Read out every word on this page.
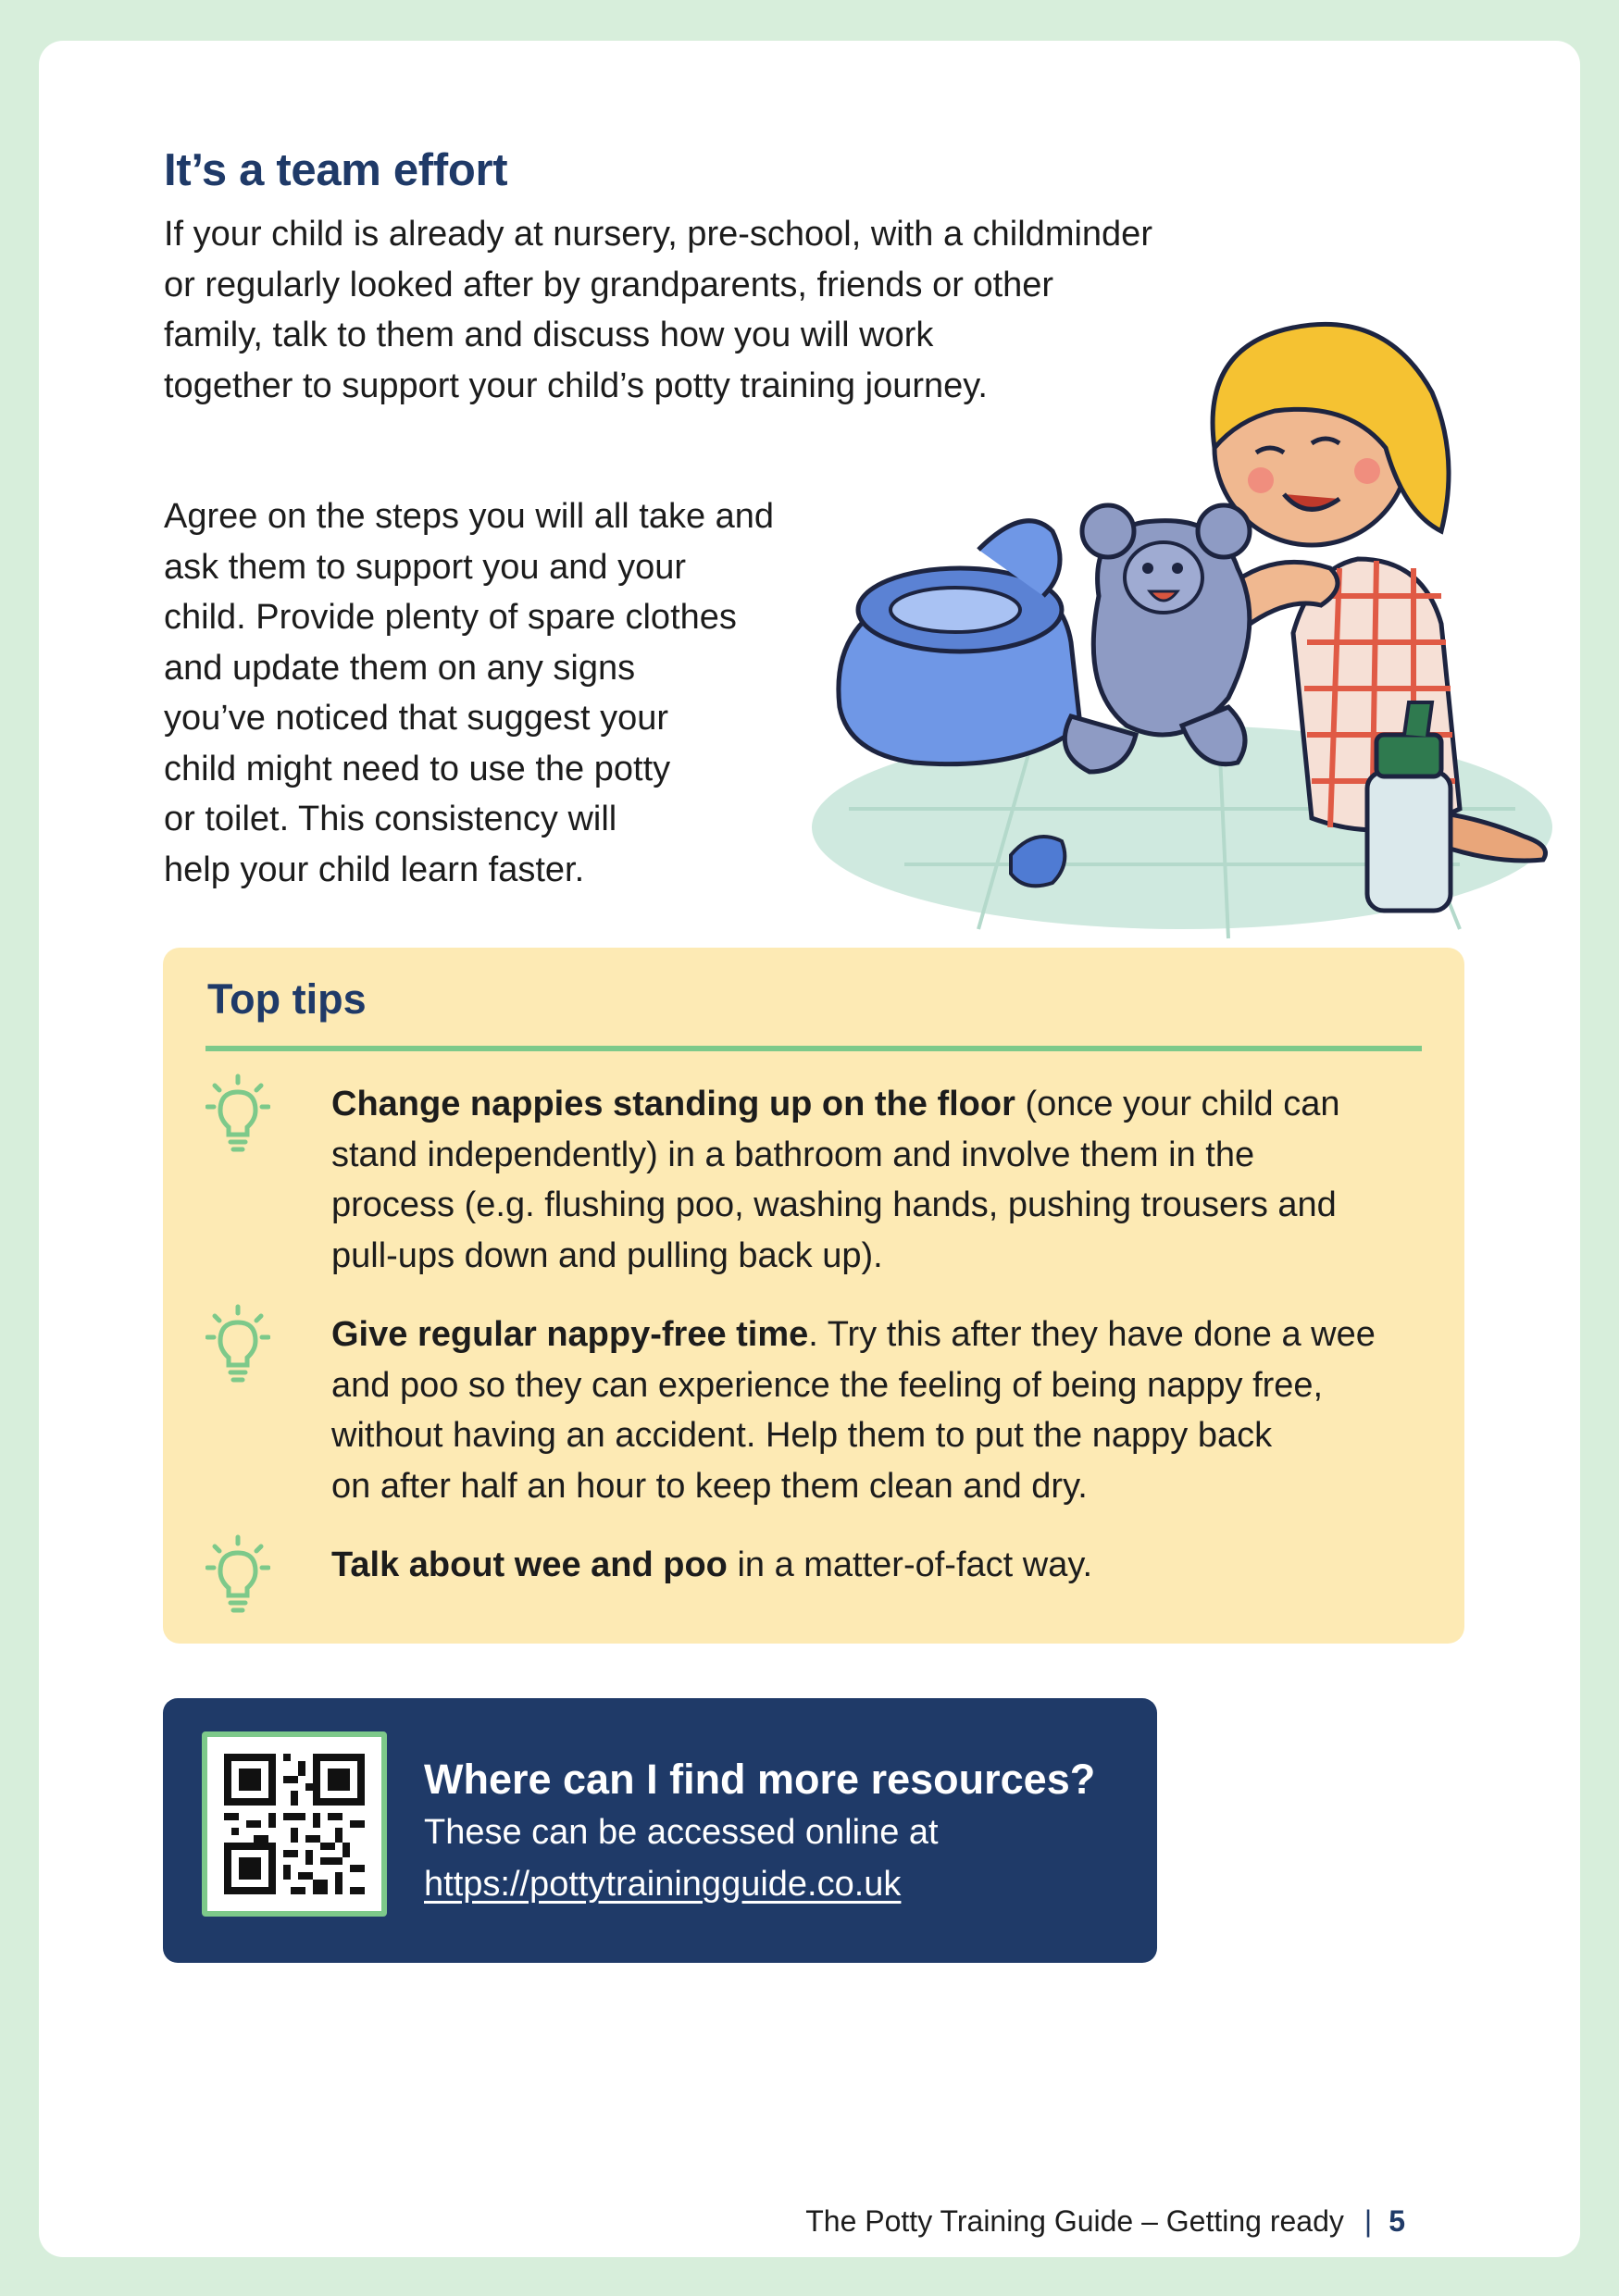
It’s a team effort

If your child is already at nursery, pre-school, with a childminder
or regularly looked after by grandparents, friends or other
family, talk to them and discuss how you will work
together to support your child’s potty training journey.

Agree on the steps you will all take and
ask them to support you and your
child. Provide plenty of spare clothes
and update them on any signs
you’ve noticed that suggest your
child might need to use the potty
or toilet. This consistency will
help your child learn faster.

Top tips
Change nappies standing up on the floor (once your child can
stand independently) in a bathroom and involve them in the
process (e.g. flushing poo, washing hands, pushing trousers and
pull-ups down and pulling back up).
Give regular nappy-free time. Try this after they have done a wee
and poo so they can experience the feeling of being nappy free,
without having an accident. Help them to put the nappy back
on after half an hour to keep them clean and dry.
Talk about wee and poo in a matter-of-fact way.
Where can I find more resources?
These can be accessed online at
https://pottytrainingguide.co.uk
The Potty Training Guide – Getting ready | 5
